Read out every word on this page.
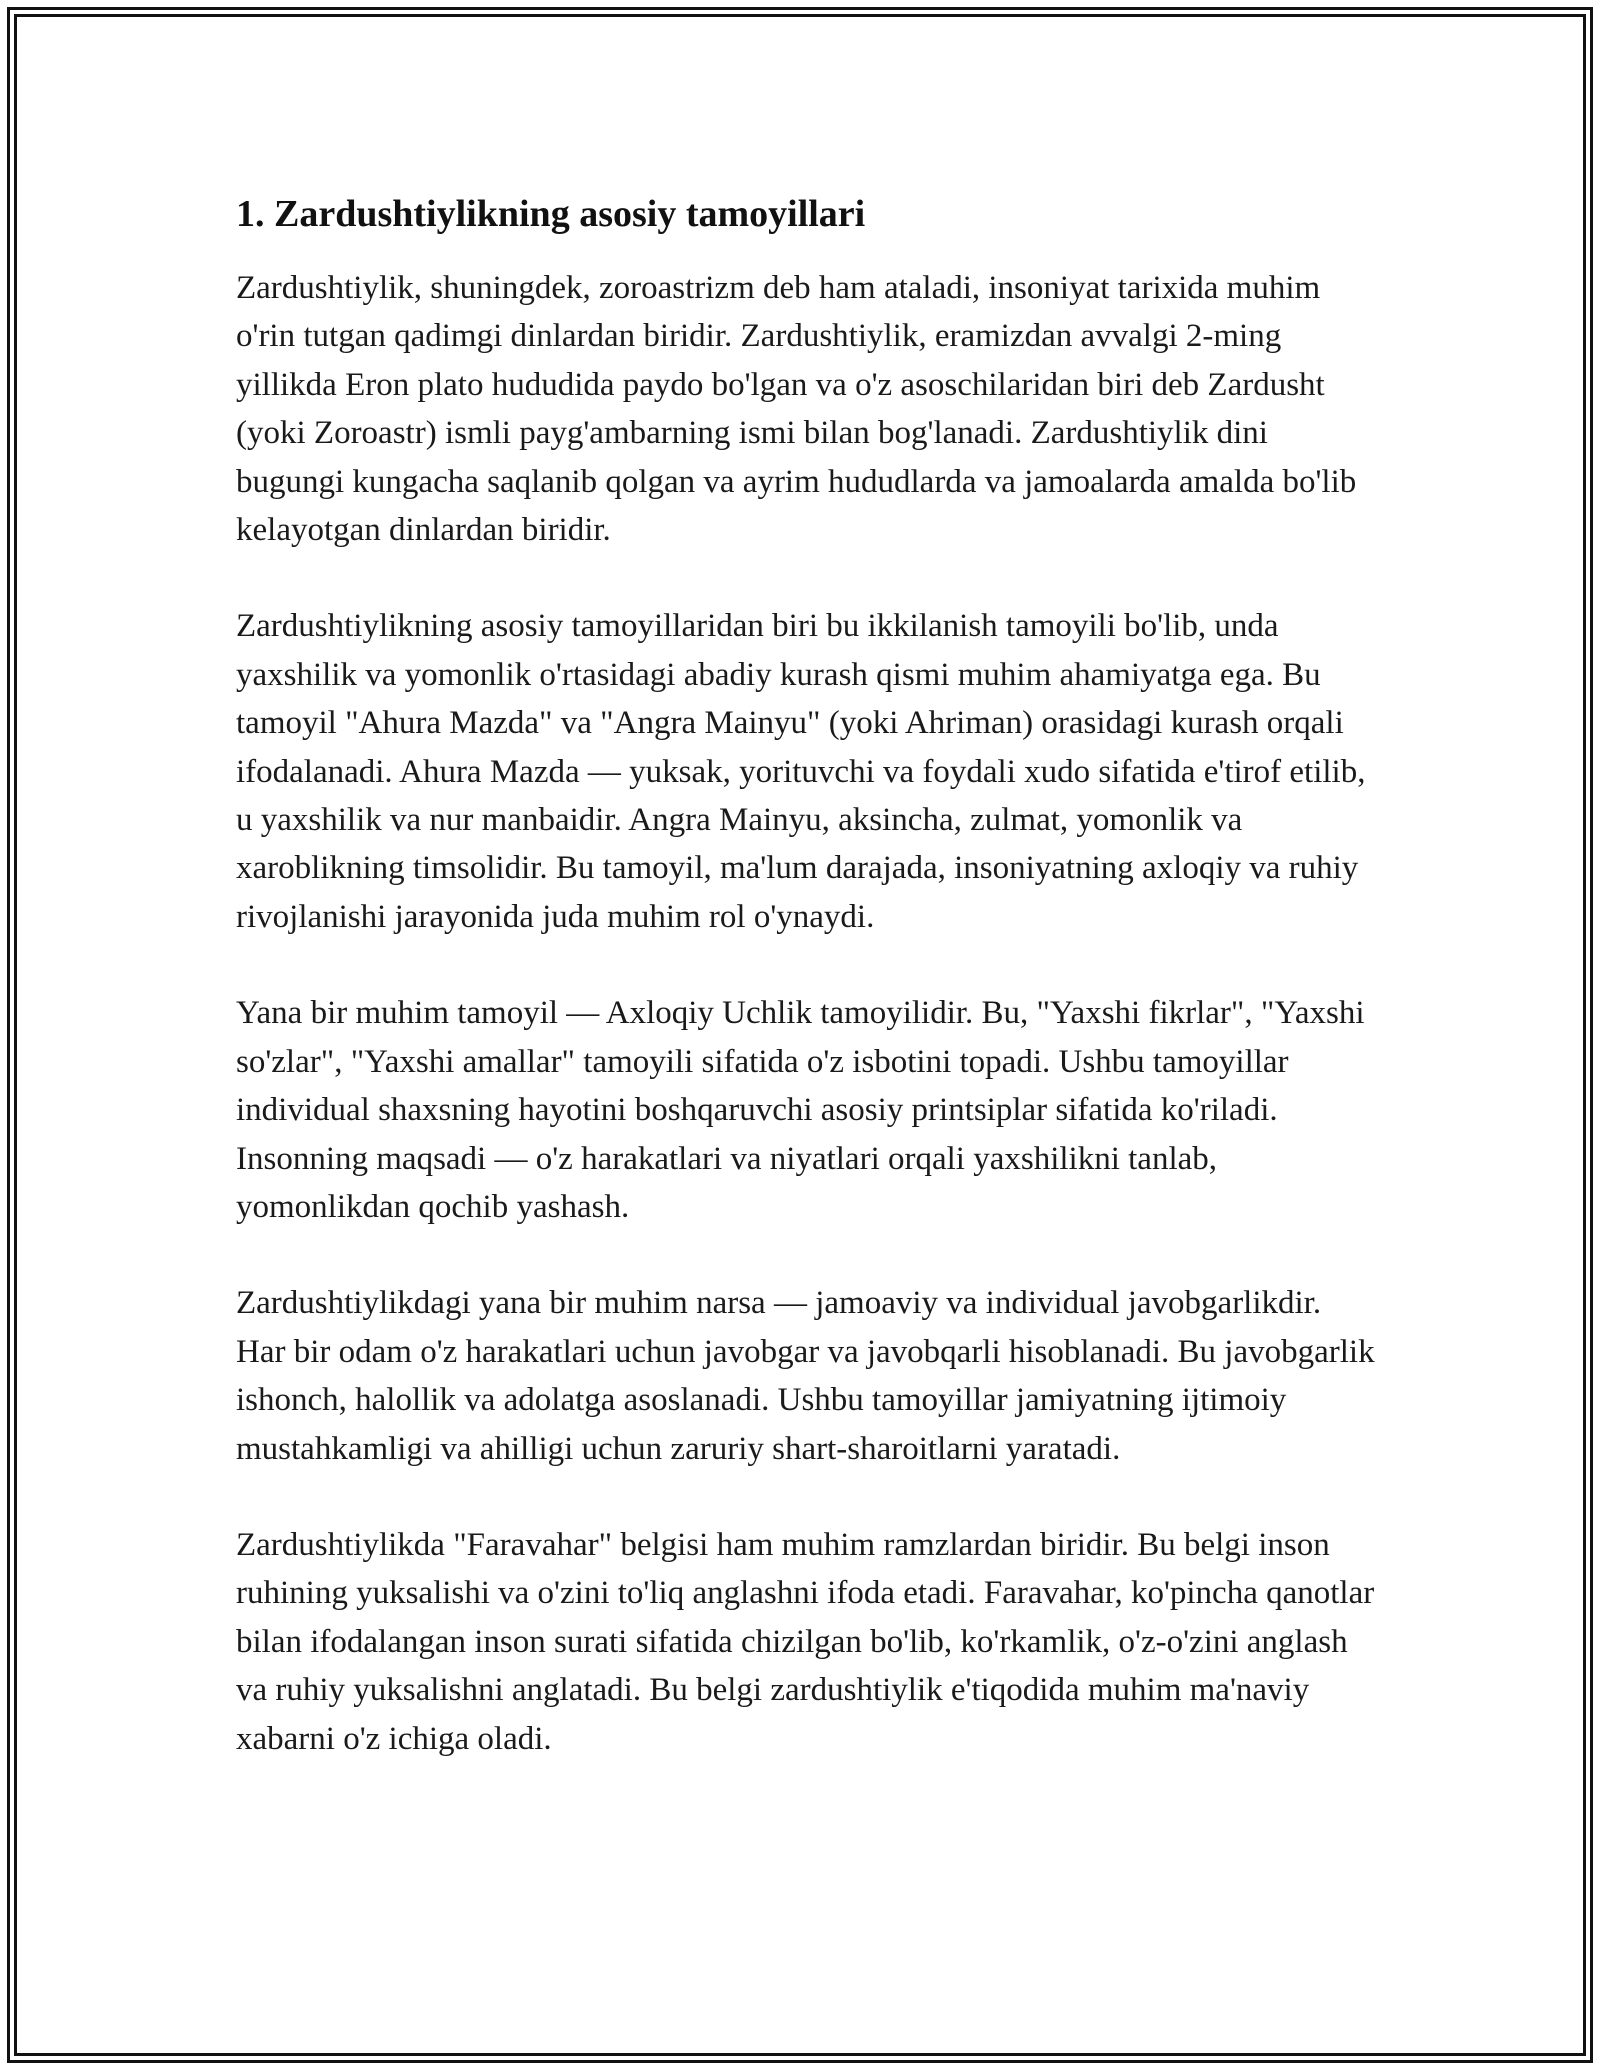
1. Zardushtiylikning asosiy tamoyillari

Zardushtiylik, shuningdek, zoroastrizm deb ham ataladi, insoniyat tarixida muhim o'rin tutgan qadimgi dinlardan biridir. Zardushtiylik, eramizdan avvalgi 2-ming yillikda Eron plato hududida paydo bo'lgan va o'z asoschilaridan biri deb Zardusht (yoki Zoroastr) ismli payg'ambarning ismi bilan bog'lanadi. Zardushtiylik dini bugungi kungacha saqlanib qolgan va ayrim hududlarda va jamoalarda amalda bo'lib kelayotgan dinlardan biridir.

Zardushtiylikning asosiy tamoyillaridan biri bu ikkilanish tamoyili bo'lib, unda yaxshilik va yomonlik o'rtasidagi abadiy kurash qismi muhim ahamiyatga ega. Bu tamoyil "Ahura Mazda" va "Angra Mainyu" (yoki Ahriman) orasidagi kurash orqali ifodalanadi. Ahura Mazda — yuksak, yorituvchi va foydali xudo sifatida e'tirof etilib, u yaxshilik va nur manbaidir. Angra Mainyu, aksincha, zulmat, yomonlik va xaroblikning timsolidir. Bu tamoyil, ma'lum darajada, insoniyatning axloqiy va ruhiy rivojlanishi jarayonida juda muhim rol o'ynaydi.

Yana bir muhim tamoyil — Axloqiy Uchlik tamoyilidir. Bu, "Yaxshi fikrlar", "Yaxshi so'zlar", "Yaxshi amallar" tamoyili sifatida o'z isbotini topadi. Ushbu tamoyillar individual shaxsning hayotini boshqaruvchi asosiy printsiplar sifatida ko'riladi. Insonning maqsadi — o'z harakatlari va niyatlari orqali yaxshilikni tanlab, yomonlikdan qochib yashash.

Zardushtiylikdagi yana bir muhim narsa — jamoaviy va individual javobgarlikdir. Har bir odam o'z harakatlari uchun javobgar va javobqarli hisoblanadi. Bu javobgarlik ishonch, halollik va adolatga asoslanadi. Ushbu tamoyillar jamiyatning ijtimoiy mustahkamligi va ahilligi uchun zaruriy shart-sharoitlarni yaratadi.

Zardushtiylikda "Faravahar" belgisi ham muhim ramzlardan biridir. Bu belgi inson ruhining yuksalishi va o'zini to'liq anglashni ifoda etadi. Faravahar, ko'pincha qanotlar bilan ifodalangan inson surati sifatida chizilgan bo'lib, ko'rkamlik, o'z-o'zini anglash va ruhiy yuksalishni anglatadi. Bu belgi zardushtiylik e'tiqodida muhim ma'naviy xabarni o'z ichiga oladi.
